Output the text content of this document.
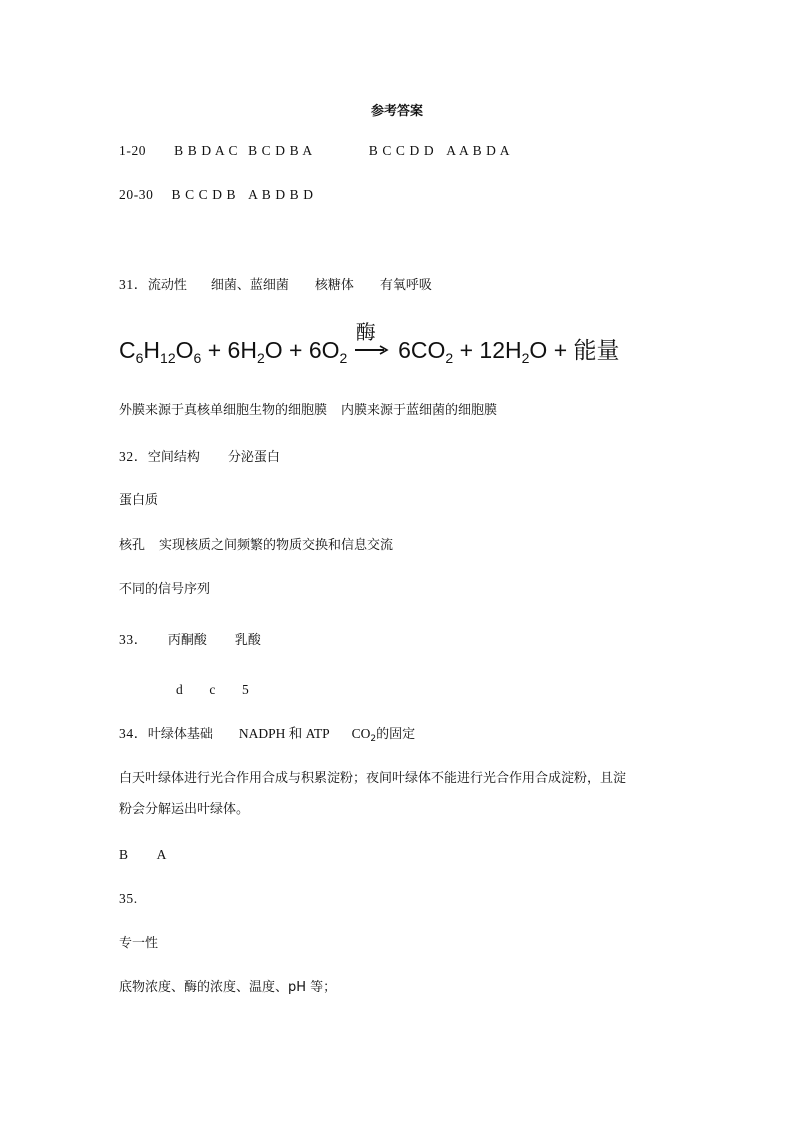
参考答案
1-20 B B D A C B C D B A	B C C D D A A B D A
20-30 B C C D B A B D B D
31．流动性 细菌、蓝细菌 核糖体 有氧呼吸
$C_6H_{12}O_6 + 6H_2O + 6O_2$
酶
$6CO_2 + 12H_2O$ + 能量
外膜来源于真核单细胞生物的细胞膜 内膜来源于蓝细菌的细胞膜
32．空间结构 分泌蛋白
蛋白质
核孔 实现核质之间频繁的物质交换和信息交流
不同的信号序列
33． 丙酮酸 乳酸
d c 5
34．叶绿体基础 NADPH 和 ATP $CO_2$的固定
白天叶绿体进行光合作用合成与积累淀粉；夜间叶绿体不能进行光合作用合成淀粉，且淀
粉会分解运出叶绿体。
B A
35.
专一性
底物浓度、酶的浓度、温度、pH 等；
